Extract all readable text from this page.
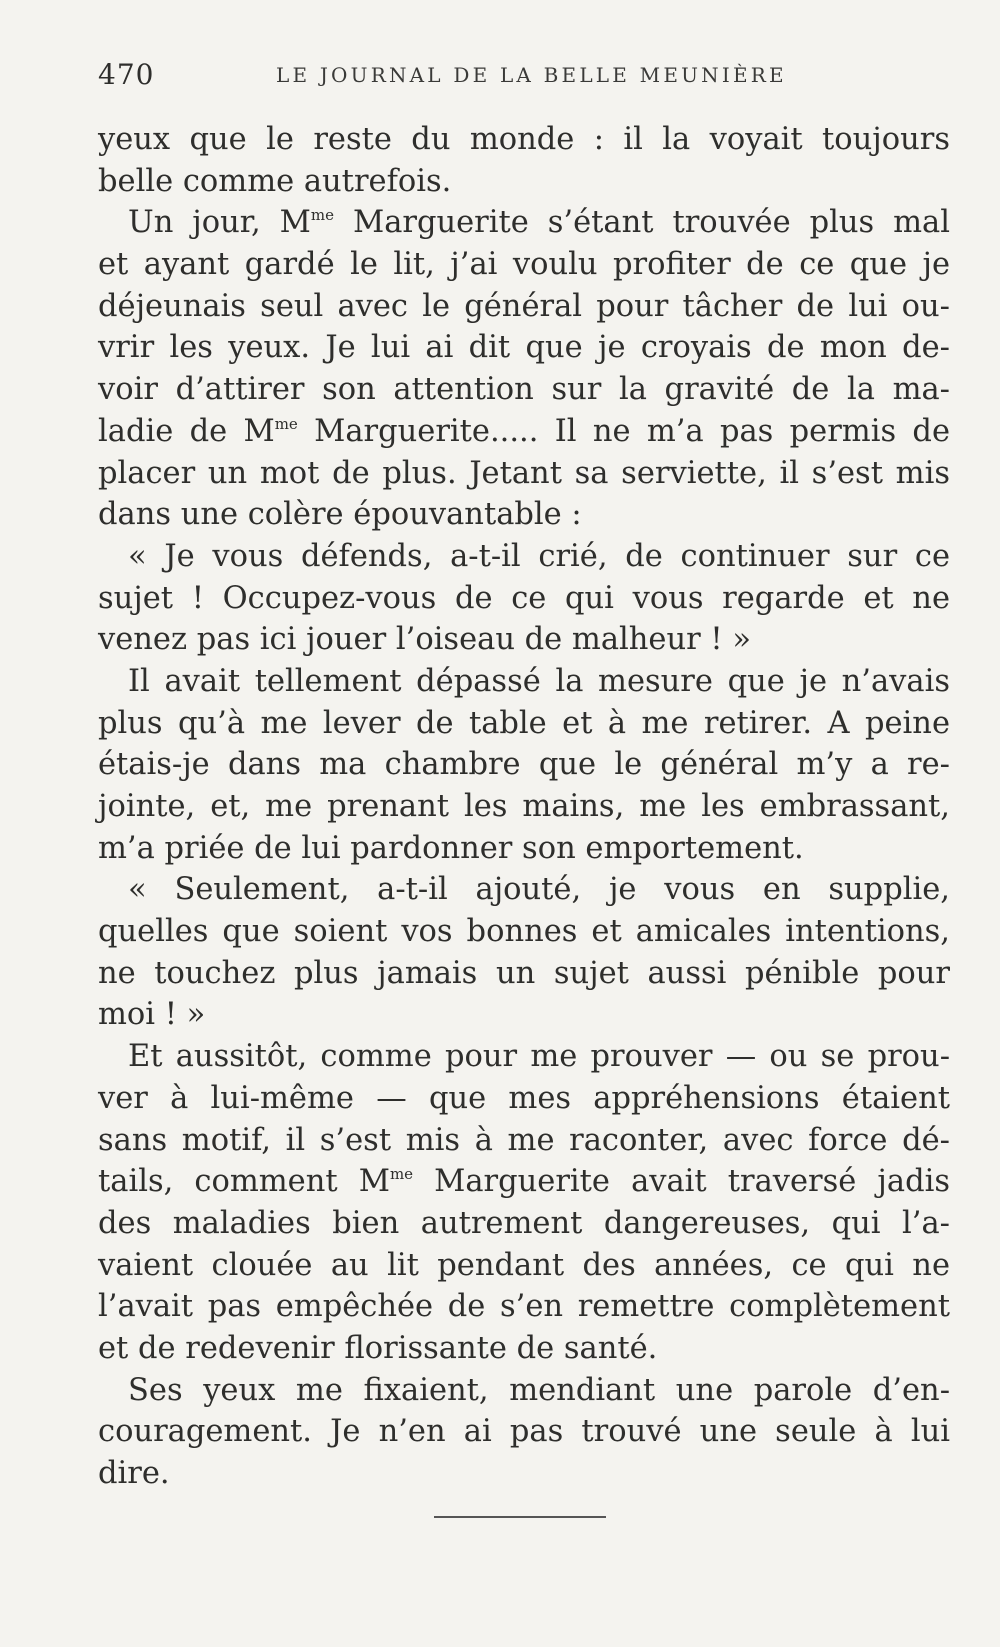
470	LE JOURNAL DE LA BELLE MEUNIÈRE
yeux que le reste du monde : il la voyait toujours
belle comme autrefois.
Un jour, $M^{me}$ Marguerite s’étant trouvée plus mal
et ayant gardé le lit, j’ai voulu profiter de ce que je
déjeunais seul avec le général pour tâcher de lui ou-
vrir les yeux. Je lui ai dit que je croyais de mon de-
voir d’attirer son attention sur la gravité de la ma-
ladie de $M^{me}$ Marguerite..... Il ne m’a pas permis de
placer un mot de plus. Jetant sa serviette, il s’est mis
dans une colère épouvantable :
« Je vous défends, a-t-il crié, de continuer sur ce
sujet ! Occupez-vous de ce qui vous regarde et ne
venez pas ici jouer l’oiseau de malheur ! »
Il avait tellement dépassé la mesure que je n’avais
plus qu’à me lever de table et à me retirer. A peine
étais-je dans ma chambre que le général m’y a re-
jointe, et, me prenant les mains, me les embrassant,
m’a priée de lui pardonner son emportement.
« Seulement, a-t-il ajouté, je vous en supplie,
quelles que soient vos bonnes et amicales intentions,
ne touchez plus jamais un sujet aussi pénible pour
moi ! »
Et aussitôt, comme pour me prouver — ou se prou-
ver à lui-même — que mes appréhensions étaient
sans motif, il s’est mis à me raconter, avec force dé-
tails, comment $M^{me}$ Marguerite avait traversé jadis
des maladies bien autrement dangereuses, qui l’a-
vaient clouée au lit pendant des années, ce qui ne
l’avait pas empêchée de s’en remettre complètement
et de redevenir florissante de santé.
Ses yeux me fixaient, mendiant une parole d’en-
couragement. Je n’en ai pas trouvé une seule à lui
dire.
